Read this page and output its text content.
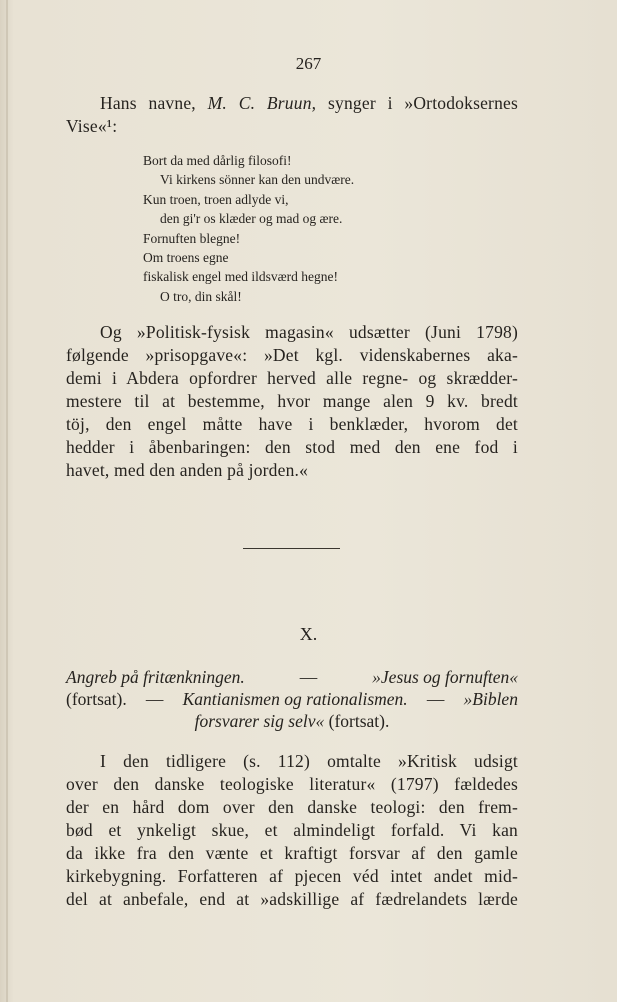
267

Hans navne, M. C. Bruun, synger i »Ortodoksernes

Vise«¹:

Bort da med dårlig filosofi!
Vi kirkens sönner kan den undvære.
Kun troen, troen adlyde vi,
den gi'r os klæder og mad og ære.
Fornuften blegne!
Om troens egne
fiskalisk engel med ildsværd hegne!
O tro, din skål!

Og »Politisk-fysisk magasin« udsætter (Juni 1798)

følgende »prisopgave«: »Det kgl. videnskabernes aka-

demi i Abdera opfordrer herved alle regne- og skrædder-

mestere til at bestemme, hvor mange alen 9 kv. bredt

töj, den engel måtte have i benklæder, hvorom det

hedder i åbenbaringen: den stod med den ene fod i

havet, med den anden på jorden.«

X.
Angreb på fritænkningen.	—	»Jesus og fornuften«
(fortsat). — Kantianismen og rationalismen. — »Biblen
forsvarer sig selv« (fortsat).

I den tidligere (s. 112) omtalte »Kritisk udsigt

over den danske teologiske literatur« (1797) fældedes

der en hård dom over den danske teologi: den frem-

bød et ynkeligt skue, et almindeligt forfald. Vi kan

da ikke fra den vænte et kraftigt forsvar af den gamle

kirkebygning. Forfatteren af pjecen véd intet andet mid-

del at anbefale, end at »adskillige af fædrelandets lærde
